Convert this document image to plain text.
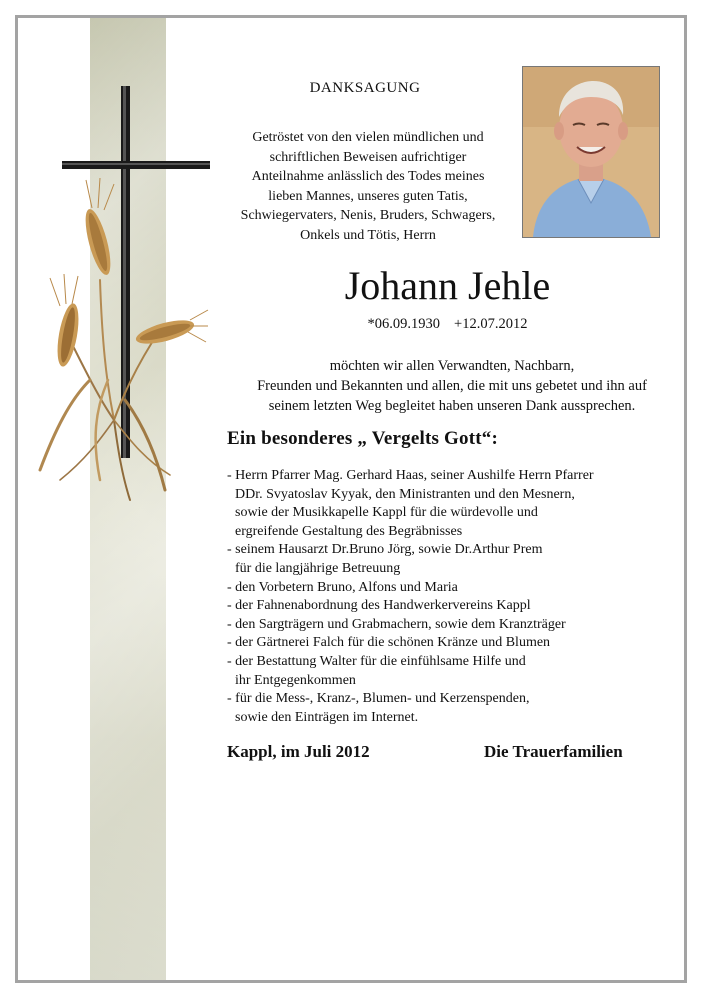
DANKSAGUNG
Getröstet von den vielen mündlichen und
schriftlichen Beweisen aufrichtiger
Anteilnahme anlässlich des Todes meines
lieben Mannes, unseres guten Tatis,
Schwiegervaters, Nenis, Bruders, Schwagers,
Onkels und Tötis, Herrn
Johann Jehle
*06.09.1930 +12.07.2012
möchten wir allen Verwandten, Nachbarn,
Freunden und Bekannten und allen, die mit uns gebetet und ihn auf
seinem letzten Weg begleitet haben unseren Dank aussprechen.
Ein besonderes „ Vergelts Gott“:
- Herrn Pfarrer Mag. Gerhard Haas, seiner Aushilfe Herrn Pfarrer
DDr. Svyatoslav Kyyak, den Ministranten und den Mesnern,
sowie der Musikkapelle Kappl für die würdevolle und
ergreifende Gestaltung des Begräbnisses
- seinem Hausarzt Dr.Bruno Jörg, sowie Dr.Arthur Prem
für die langjährige Betreuung
- den Vorbetern Bruno, Alfons und Maria
- der Fahnenabordnung des Handwerkervereins Kappl
- den Sargträgern und Grabmachern, sowie dem Kranzträger
- der Gärtnerei Falch für die schönen Kränze und Blumen
- der Bestattung Walter für die einfühlsame Hilfe und
ihr Entgegenkommen
- für die Mess-, Kranz-, Blumen- und Kerzenspenden,
sowie den Einträgen im Internet.
Kappl, im Juli 2012	Die Trauerfamilien
